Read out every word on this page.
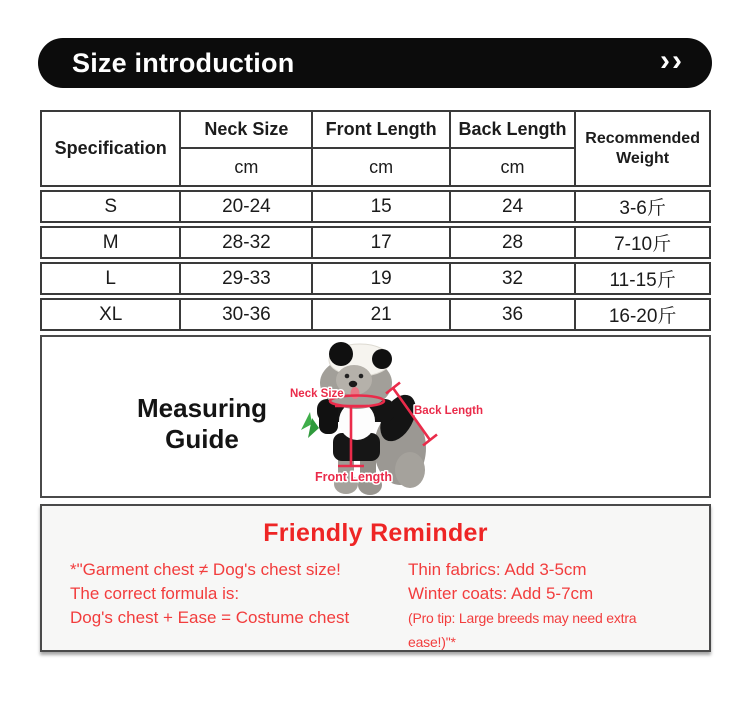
Size introduction	››
Specification
Neck Size	Front Length	Back Length	Recommended Weight
cm	cm	cm
S	20-24	15	24	3-6斤
M	28-32	17	28	7-10斤
L	29-33	19	32	11-15斤
XL	30-36	21	36	16-20斤
Measuring
Guide
Neck Size
Back Length
Front Length
Friendly Reminder
*"Garment chest ≠ Dog's chest size!
The correct formula is:
Dog's chest + Ease = Costume chest
Thin fabrics: Add 3-5cm
Winter coats: Add 5-7cm
(Pro tip: Large breeds may need extra ease!)"*
